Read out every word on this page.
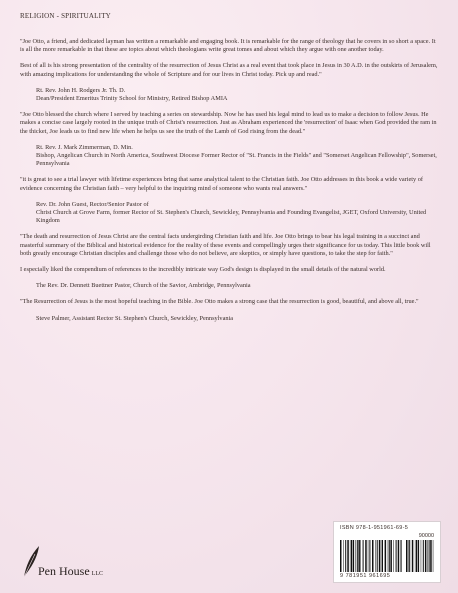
RELIGION - SPIRITUALITY

"Joe Otto, a friend, and dedicated layman has written a remarkable and engaging book. It is remarkable for the range of theology that he covers in so short a space. It is all the more remarkable in that these are topics about which theologians write great tomes and about which they argue with one another today.

Best of all is his strong presentation of the centrality of the resurrection of Jesus Christ as a real event that took place in Jesus in 30 A.D. in the outskirts of Jerusalem, with amazing implications for understanding the whole of Scripture and for our lives in Christ today. Pick up and read."

Rt. Rev. John H. Rodgers Jr. Th. D.
Dean/President Emeritus Trinity School for Ministry, Retired Bishop AMIA

"Joe Otto blessed the church where I served by teaching a series on stewardship. Now he has used his legal mind to lead us to make a decision to follow Jesus. He makes a concise case largely rooted in the unique truth of Christ's resurrection. Just as Abraham experienced the 'resurrection' of Isaac when God provided the ram in the thicket, Joe leads us to find new life when he helps us see the truth of the Lamb of God rising from the dead."

Rt. Rev. J. Mark Zimmerman, D. Min.
Bishop, Angelican Church in North America, Southwest Diocese Former Rector of "St. Francis in the Fields" and "Somerset Angelican Fellowship", Somerset, Pennsylvania

"it is great to see a trial lawyer with lifetime experiences bring that same analytical talent to the Christian faith. Joe Otto addresses in this book a wide variety of evidence concerning the Christian faith – very helpful to the inquiring mind of someone who wants real answers."

Rev. Dr. John Guest, Rector/Senior Pastor of
Christ Church at Grove Farm, former Rector of St. Stephen's Church, Sewickley, Pennsylvania and Founding Evangelist, JGET, Oxford University, United Kingdom

"The death and resurrection of Jesus Christ are the central facts undergirding Christian faith and life. Joe Otto brings to bear his legal training in a succinct and masterful summary of the Biblical and historical evidence for the reality of these events and compellingly urges their significance for us today. This little book will both greatly encourage Christian disciples and challenge those who do not believe, are skeptics, or simply have questions, to take the step for faith."

I especially liked the compendium of references to the incredibly intricate way God's design is displayed in the small details of the natural world.

The Rev. Dr. Dennett Buettner Pastor, Church of the Savior, Ambridge, Pennsylvania

"The Resurrection of Jesus is the most hopeful teaching in the Bible. Joe Otto makes a strong case that the resurrection is good, beautiful, and above all, true."

Steve Palmer, Assistant Rector St. Stephen's Church, Sewickley, Pennsylvania
Pen House LLC
ISBN 978-1-951961-69-5
90000
9 781951 961695
